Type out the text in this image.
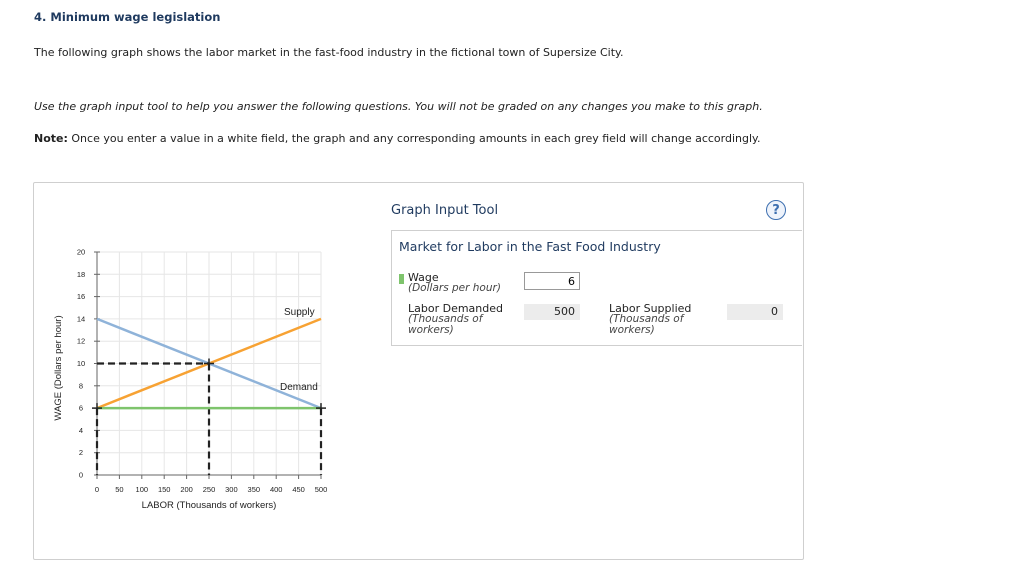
4. Minimum wage legislation
The following graph shows the labor market in the fast-food industry in the fictional town of Supersize City.
Use the graph input tool to help you answer the following questions. You will not be graded on any changes you make to this graph.
Note: Once you enter a value in a white field, the graph and any corresponding amounts in each grey field will change accordingly.
0 50 100 150 200 250 300 350 400 450 500
0
2
4
6
8
10
12
14
16
18
20
LABOR (Thousands of workers)
WAGE (Dollars per hour)
Supply
Demand
Graph Input Tool	?
Market for Labor in the Fast Food Industry
Wage
(Dollars per hour)
6
Labor Demanded
(Thousands of
workers)
500	Labor Supplied
(Thousands of
workers)
0
